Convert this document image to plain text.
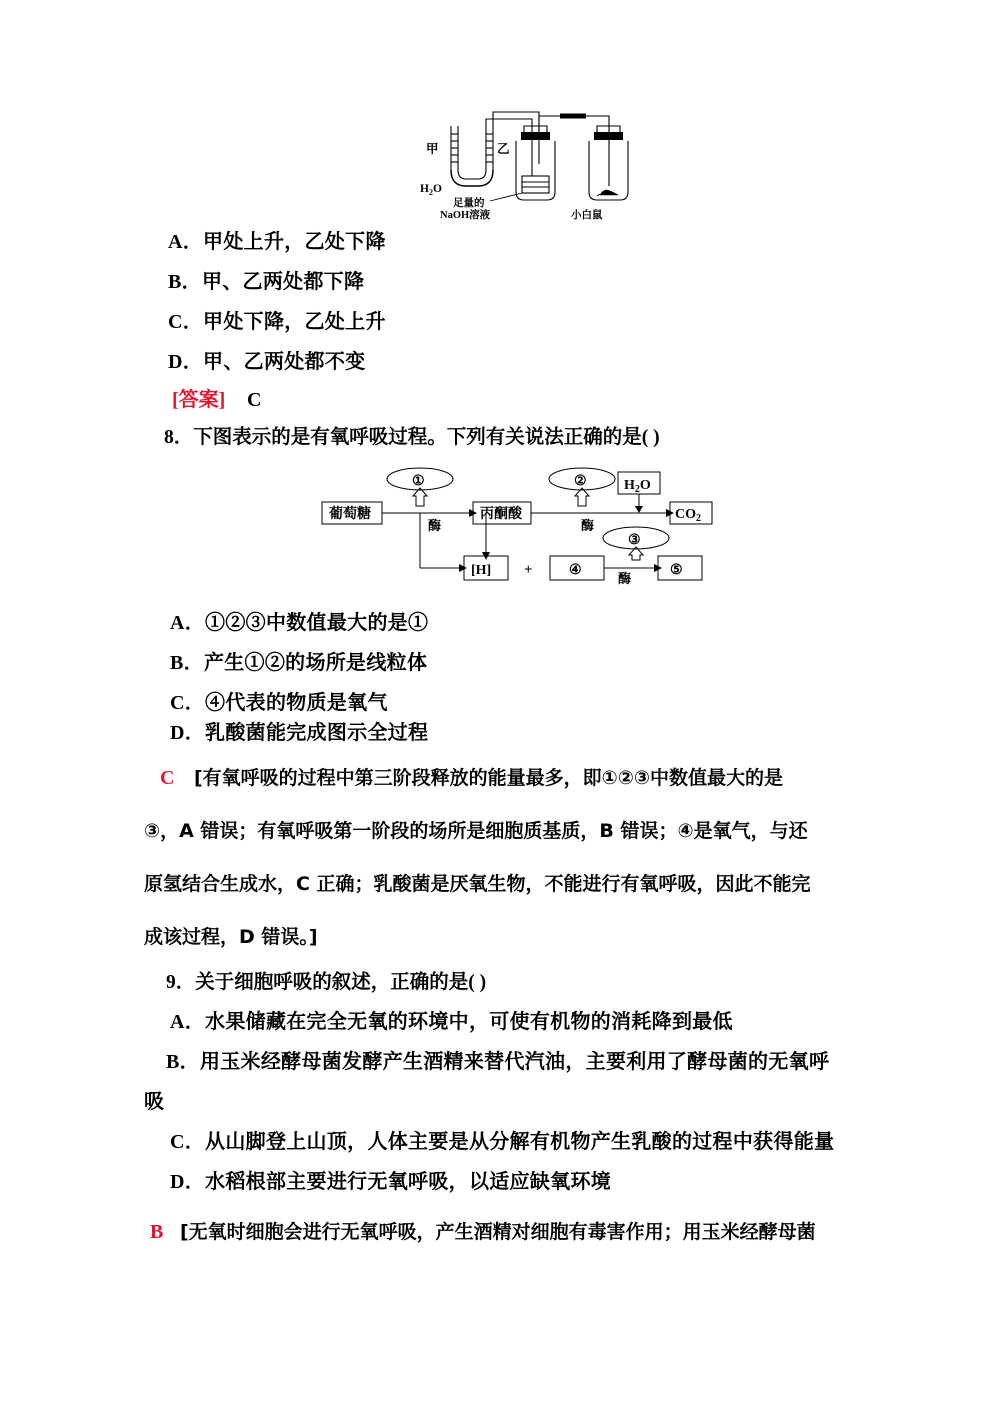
甲	乙
$H_2O$
足量的
NaOH溶液	小白鼠
A．甲处上升，乙处下降
B．甲、乙两处都下降
C．甲处下降，乙处上升
D．甲、乙两处都不变
[答案] C
8．下图表示的是有氧呼吸过程。下列有关说法正确的是( )
葡萄糖	丙酮酸
$H_2O$
$CO_2$
[H] +	④	⑤
①	②
③
酶	酶
酶
A．①②③中数值最大的是①
B．产生①②的场所是线粒体
C．④代表的物质是氧气
D．乳酸菌能完成图示全过程
C [有氧呼吸的过程中第三阶段释放的能量最多，即①②③中数值最大的是
③，A 错误；有氧呼吸第一阶段的场所是细胞质基质，B 错误；④是氧气，与还
原氢结合生成水，C 正确；乳酸菌是厌氧生物，不能进行有氧呼吸，因此不能完
成该过程，D 错误。]
9．关于细胞呼吸的叙述，正确的是( )
A．水果储藏在完全无氧的环境中，可使有机物的消耗降到最低
B．用玉米经酵母菌发酵产生酒精来替代汽油，主要利用了酵母菌的无氧呼
吸
C．从山脚登上山顶，人体主要是从分解有机物产生乳酸的过程中获得能量
D．水稻根部主要进行无氧呼吸，以适应缺氧环境
B [无氧时细胞会进行无氧呼吸，产生酒精对细胞有毒害作用；用玉米经酵母菌
